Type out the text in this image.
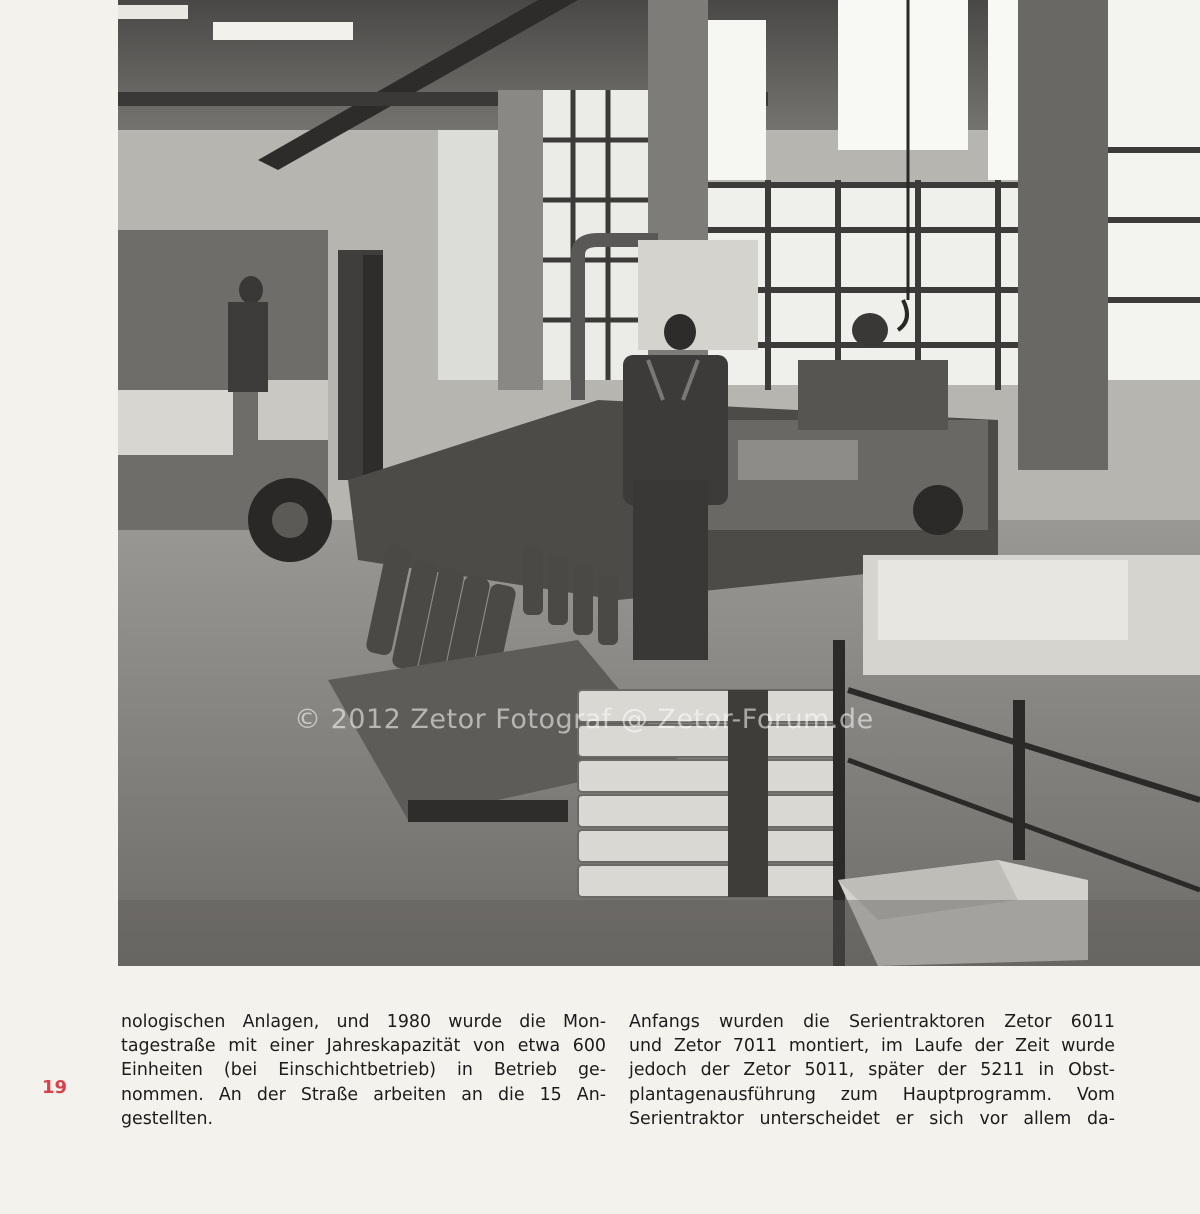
© 2012 Zetor Fotograf @ Zetor-Forum.de
19
nologischen Anlagen, und 1980 wurde die Mon-
tagestraße mit einer Jahreskapazität von etwa 600
Einheiten (bei Einschichtbetrieb) in Betrieb ge-
nommen. An der Straße arbeiten an die 15 An-
gestellten.
Anfangs wurden die Serientraktoren Zetor 6011
und Zetor 7011 montiert, im Laufe der Zeit wurde
jedoch der Zetor 5011, später der 5211 in Obst-
plantagenausführung zum Hauptprogramm. Vom
Serientraktor unterscheidet er sich vor allem da-
